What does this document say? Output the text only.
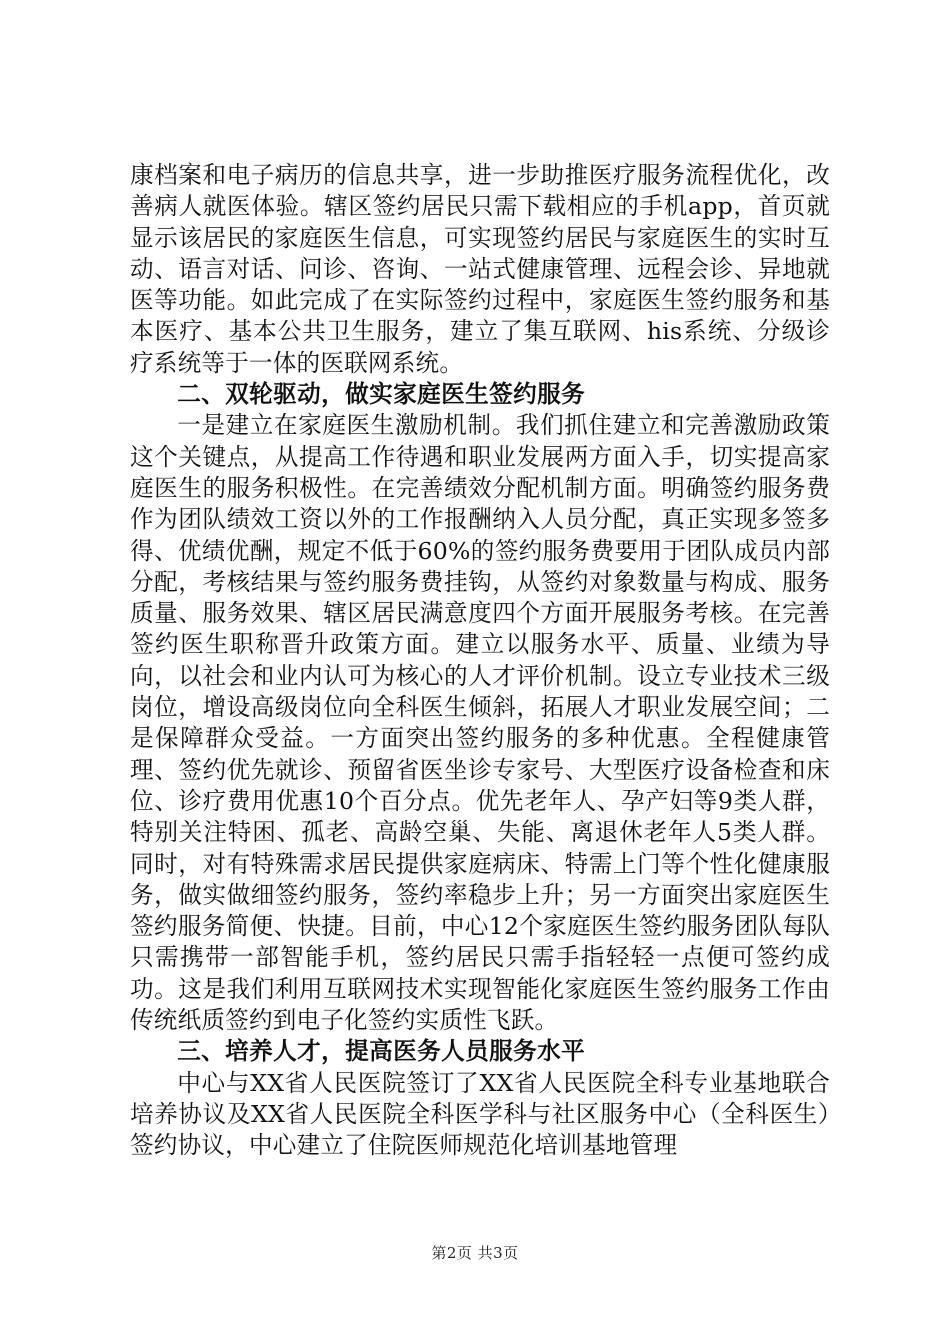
康档案和电子病历的信息共享，进一步助推医疗服务流程优化，改善病人就医体验。辖区签约居民只需下载相应的手机app，首页就显示该居民的家庭医生信息，可实现签约居民与家庭医生的实时互动、语言对话、问诊、咨询、一站式健康管理、远程会诊、异地就医等功能。如此完成了在实际签约过程中，家庭医生签约服务和基本医疗、基本公共卫生服务，建立了集互联网、his系统、分级诊疗系统等于一体的医联网系统。

二、双轮驱动，做实家庭医生签约服务

一是建立在家庭医生激励机制。我们抓住建立和完善激励政策这个关键点，从提高工作待遇和职业发展两方面入手，切实提高家庭医生的服务积极性。在完善绩效分配机制方面。明确签约服务费作为团队绩效工资以外的工作报酬纳入人员分配，真正实现多签多得、优绩优酬，规定不低于60%的签约服务费要用于团队成员内部分配，考核结果与签约服务费挂钩，从签约对象数量与构成、服务质量、服务效果、辖区居民满意度四个方面开展服务考核。在完善签约医生职称晋升政策方面。建立以服务水平、质量、业绩为导向，以社会和业内认可为核心的人才评价机制。设立专业技术三级岗位，增设高级岗位向全科医生倾斜，拓展人才职业发展空间；二是保障群众受益。一方面突出签约服务的多种优惠。全程健康管理、签约优先就诊、预留省医坐诊专家号、大型医疗设备检查和床位、诊疗费用优惠10个百分点。优先老年人、孕产妇等9类人群，特别关注特困、孤老、高龄空巢、失能、离退休老年人5类人群。同时，对有特殊需求居民提供家庭病床、特需上门等个性化健康服务，做实做细签约服务，签约率稳步上升；另一方面突出家庭医生签约服务简便、快捷。目前，中心12个家庭医生签约服务团队每队只需携带一部智能手机，签约居民只需手指轻轻一点便可签约成功。这是我们利用互联网技术实现智能化家庭医生签约服务工作由传统纸质签约到电子化签约实质性飞跃。

三、培养人才，提高医务人员服务水平

中心与XX省人民医院签订了XX省人民医院全科专业基地联合培养协议及XX省人民医院全科医学科与社区服务中心（全科医生）签约协议，中心建立了住院医师规范化培训基地管理

第2页 共3页
